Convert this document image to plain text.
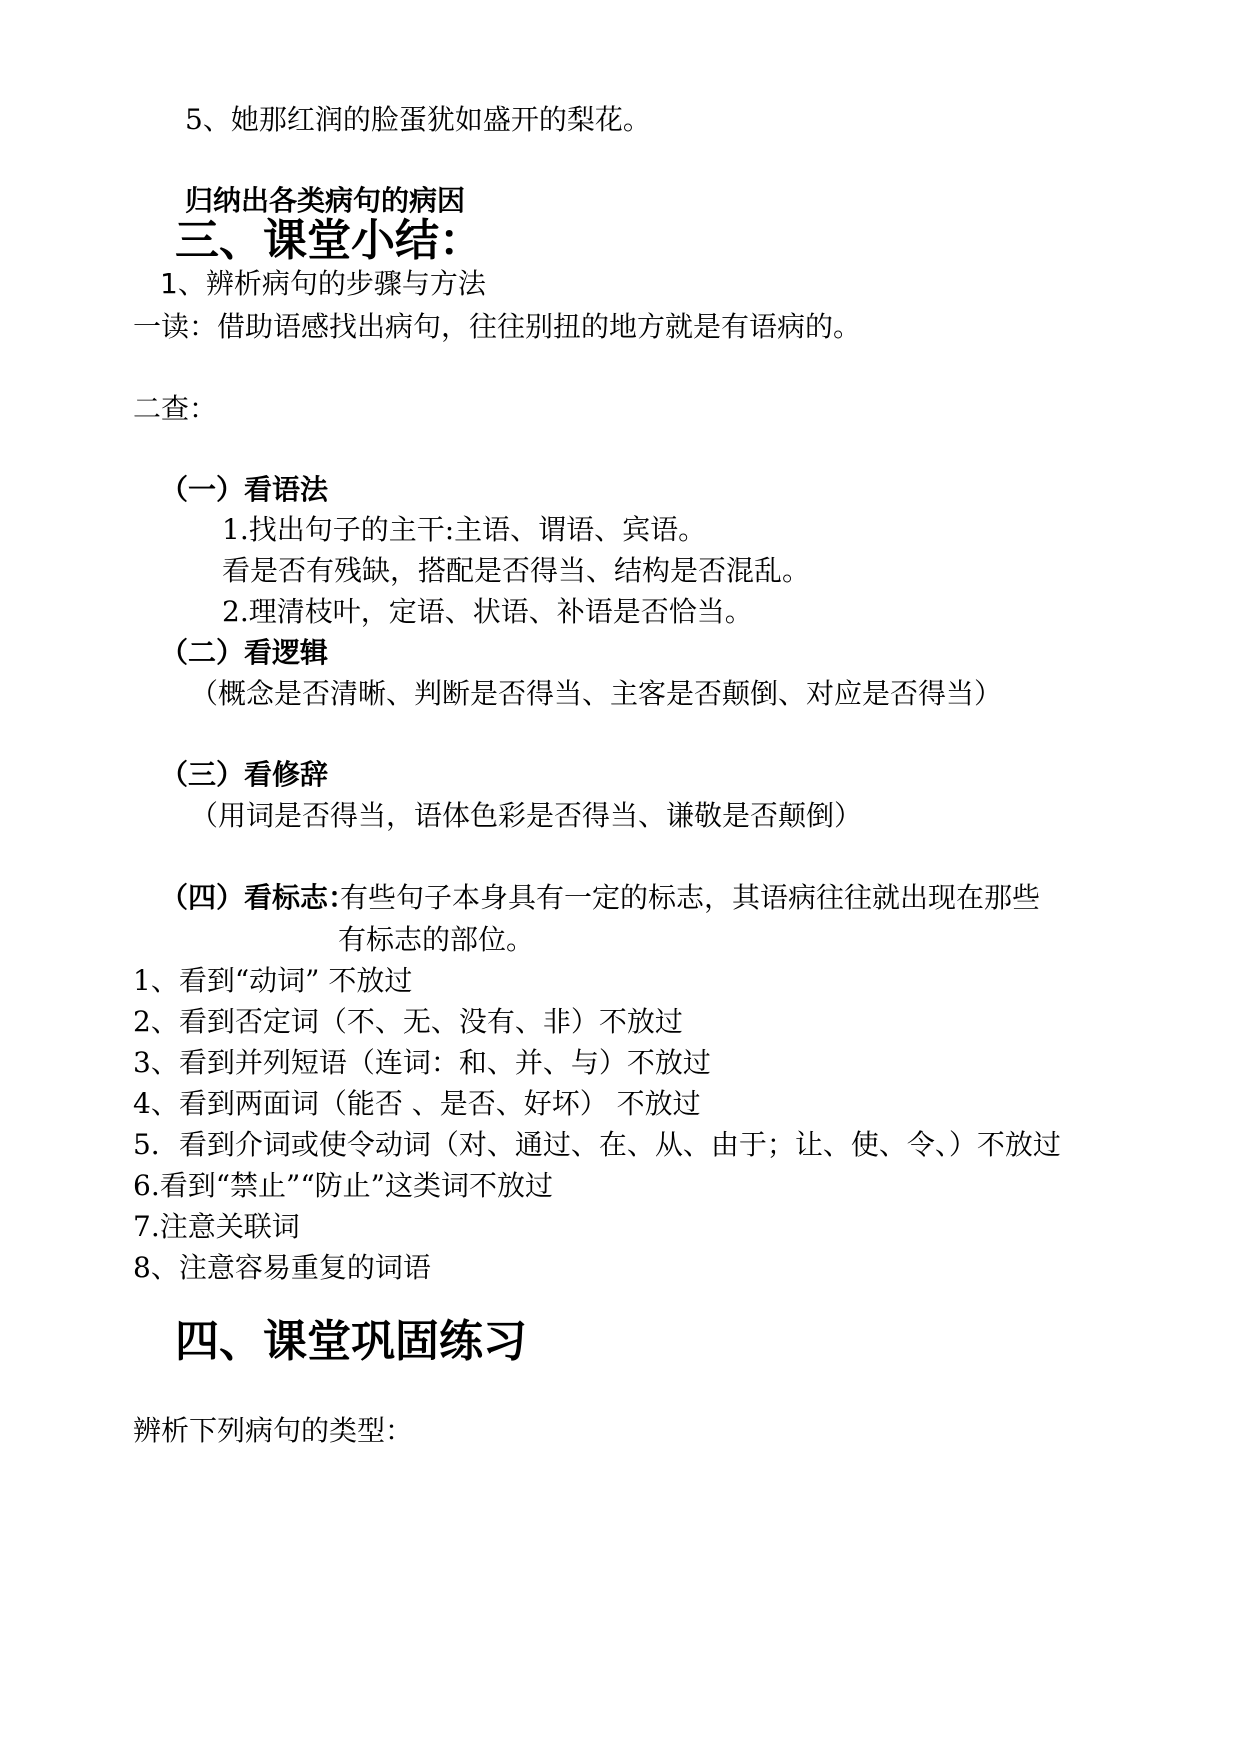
5、她那红润的脸蛋犹如盛开的梨花。
归纳出各类病句的病因
三、课堂小结：
1、辨析病句的步骤与方法
一读：借助语感找出病句，往往别扭的地方就是有语病的。
二查：
（一）看语法
1.找出句子的主干:主语、谓语、宾语。
看是否有残缺，搭配是否得当、结构是否混乱。
2.理清枝叶，定语、状语、补语是否恰当。
（二）看逻辑
（概念是否清晰、判断是否得当、主客是否颠倒、对应是否得当）
（三）看修辞
（用词是否得当，语体色彩是否得当、谦敬是否颠倒）
（四）看标志：
有些句子本身具有一定的标志，其语病往往就出现在那些
有标志的部位。
1、看到“动词” 不放过
2、看到否定词（不、无、没有、非）不放过
3、看到并列短语（连词：和、并、与）不放过
4、看到两面词（能否 、是否、好坏） 不放过
5．看到介词或使令动词（对、通过、在、从、由于；让、使、令、）不放过
6.看到“禁止”“防止”这类词不放过
7.注意关联词
8、注意容易重复的词语
四、课堂巩固练习
辨析下列病句的类型：
